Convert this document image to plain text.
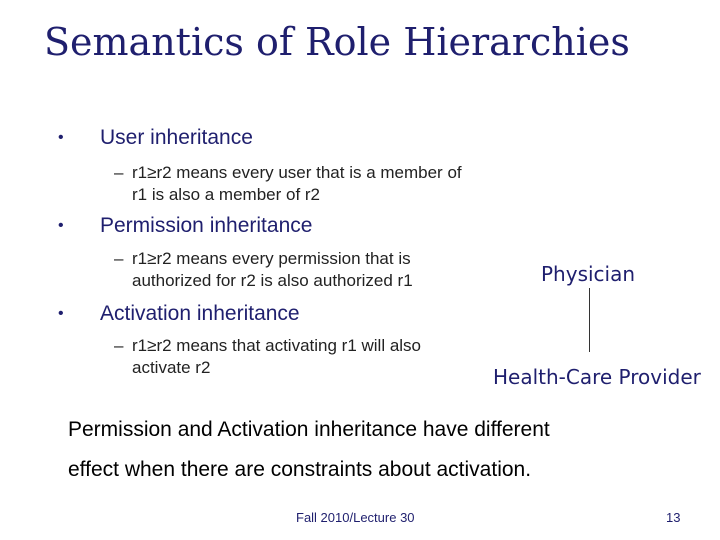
Semantics of Role Hierarchies
•	User inheritance
– r1≥r2 means every user that is a member of r1 is also a member of r2
•	Permission inheritance
– r1≥r2 means every permission that is authorized for r2 is also authorized r1
•	Activation inheritance
– r1≥r2 means that activating r1 will also activate r2
Physician
Health-Care Provider
Permission and Activation inheritance have different
effect when there are constraints about activation.
Fall 2010/Lecture 30	13
